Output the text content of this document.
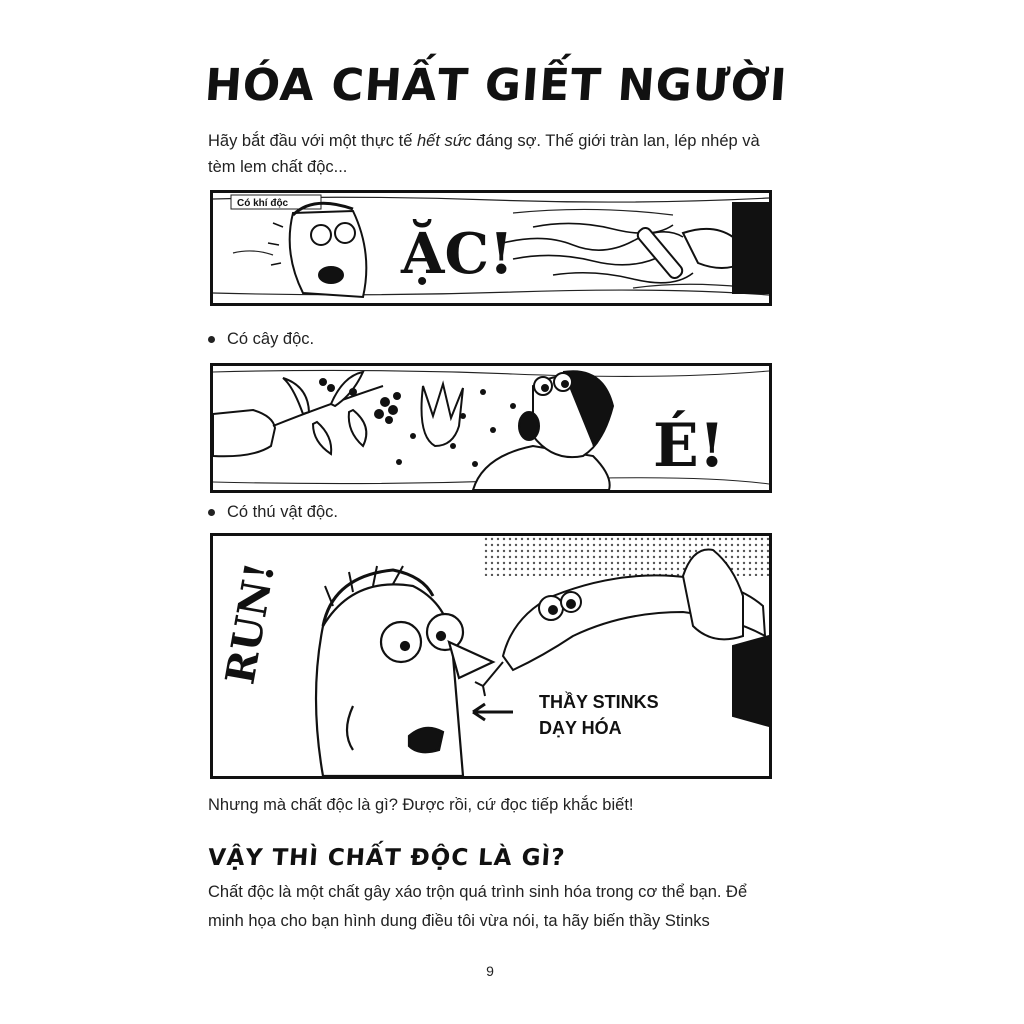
HÓA CHẤT GIẾT NGƯỜI
Hãy bắt đầu với một thực tế hết sức đáng sợ. Thế giới tràn lan, lép nhép và tèm lem chất độc...
Có khí độc
ẶC!
Có cây độc.
É!
Có thú vật độc.
RUN!
THẦY STINKS
DẠY HÓA
Nhưng mà chất độc là gì? Được rồi, cứ đọc tiếp khắc biết!
VẬY THÌ CHẤT ĐỘC LÀ GÌ?
Chất độc là một chất gây xáo trộn quá trình sinh hóa trong cơ thể bạn. Để minh họa cho bạn hình dung điều tôi vừa nói, ta hãy biến thầy Stinks
9
